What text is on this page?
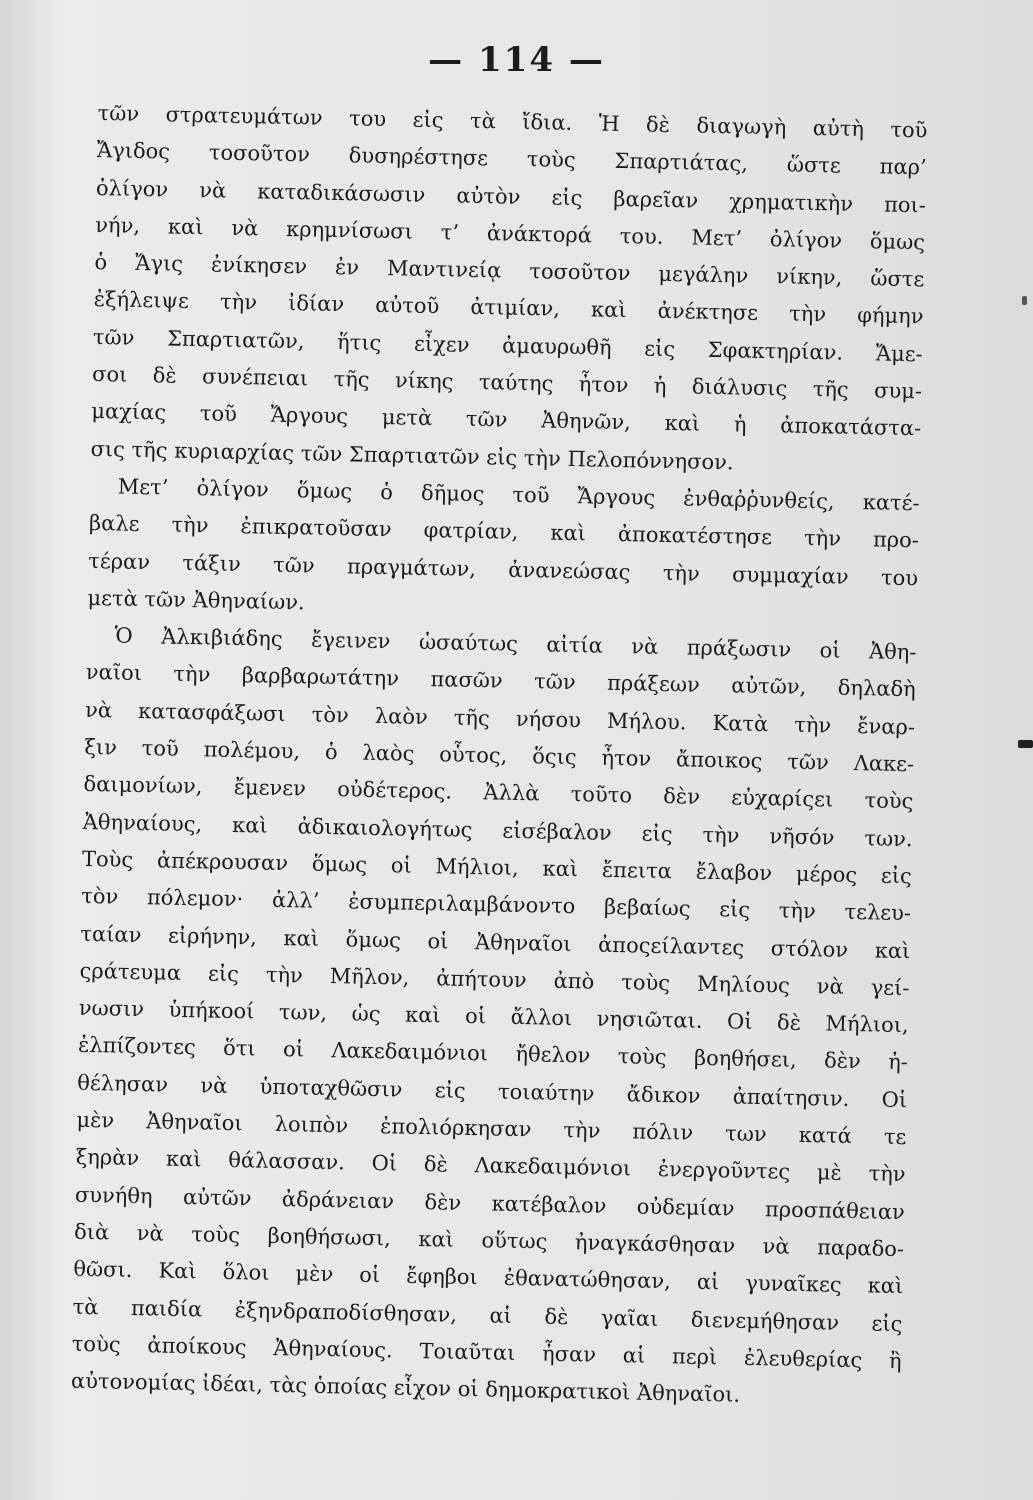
— 114 —
τῶν στρατευμάτων του εἰς τὰ ἴδια. Ἡ δὲ διαγωγὴ αὐτὴ τοῦ
Ἄγιδος τοσοῦτον δυσηρέστησε τοὺς Σπαρτιάτας, ὥστε παρ’
ὀλίγον νὰ καταδικάσωσιν αὐτὸν εἰς βαρεῖαν χρηματικὴν ποι-
νήν, καὶ νὰ κρημνίσωσι τ’ ἀνάκτορά του. Μετ’ ὀλίγον ὅμως
ὁ Ἄγις ἐνίκησεν ἐν Μαντινείᾳ τοσοῦτον μεγάλην νίκην, ὥστε
ἐξήλειψε τὴν ἰδίαν αὐτοῦ ἀτιμίαν, καὶ ἀνέκτησε τὴν φήμην
τῶν Σπαρτιατῶν, ἥτις εἶχεν ἀμαυρωθῆ εἰς Σφακτηρίαν. Ἄμε-
σοι δὲ συνέπειαι τῆς νίκης ταύτης ἦτον ἡ διάλυσις τῆς συμ-
μαχίας τοῦ Ἄργους μετὰ τῶν Ἀθηνῶν, καὶ ἡ ἀποκατάστα-
σις τῆς κυριαρχίας τῶν Σπαρτιατῶν εἰς τὴν Πελοπόννησον.
Μετ’ ὀλίγον ὅμως ὁ δῆμος τοῦ Ἄργους ἐνθαῤῥυνθείς, κατέ-
βαλε τὴν ἐπικρατοῦσαν φατρίαν, καὶ ἀποκατέστησε τὴν προ-
τέραν τάξιν τῶν πραγμάτων, ἀνανεώσας τὴν συμμαχίαν του
μετὰ τῶν Ἀθηναίων.
Ὁ Ἀλκιβιάδης ἔγεινεν ὡσαύτως αἰτία νὰ πράξωσιν οἱ Ἀθη-
ναῖοι τὴν βαρβαρωτάτην πασῶν τῶν πράξεων αὐτῶν, δηλαδὴ
νὰ κατασφάξωσι τὸν λαὸν τῆς νήσου Μήλου. Κατὰ τὴν ἔναρ-
ξιν τοῦ πολέμου, ὁ λαὸς οὗτος, ὅςις ἦτον ἄποικος τῶν Λακε-
δαιμονίων, ἔμενεν οὐδέτερος. Ἀλλὰ τοῦτο δὲν εὐχαρίςει τοὺς
Ἀθηναίους, καὶ ἀδικαιολογήτως εἰσέβαλον εἰς τὴν νῆσόν των.
Τοὺς ἀπέκρουσαν ὅμως οἱ Μήλιοι, καὶ ἔπειτα ἔλαβον μέρος εἰς
τὸν πόλεμον· ἀλλ’ ἐσυμπεριλαμβάνοντο βεβαίως εἰς τὴν τελευ-
ταίαν εἰρήνην, καὶ ὅμως οἱ Ἀθηναῖοι ἀποςείλαντες στόλον καὶ
ςράτευμα εἰς τὴν Μῆλον, ἀπήτουν ἀπὸ τοὺς Μηλίους νὰ γεί-
νωσιν ὑπήκοοί των, ὡς καὶ οἱ ἄλλοι νησιῶται. Οἱ δὲ Μήλιοι,
ἐλπίζοντες ὅτι οἱ Λακεδαιμόνιοι ἤθελον τοὺς βοηθήσει, δὲν ἠ-
θέλησαν νὰ ὑποταχθῶσιν εἰς τοιαύτην ἄδικον ἀπαίτησιν. Οἱ
μὲν Ἀθηναῖοι λοιπὸν ἐπολιόρκησαν τὴν πόλιν των κατά τε
ξηρὰν καὶ θάλασσαν. Οἱ δὲ Λακεδαιμόνιοι ἐνεργοῦντες μὲ τὴν
συνήθη αὐτῶν ἀδράνειαν δὲν κατέβαλον οὐδεμίαν προσπάθειαν
διὰ νὰ τοὺς βοηθήσωσι, καὶ οὕτως ἠναγκάσθησαν νὰ παραδο-
θῶσι. Καὶ ὅλοι μὲν οἱ ἔφηβοι ἐθανατώθησαν, αἱ γυναῖκες καὶ
τὰ παιδία ἐξηνδραποδίσθησαν, αἱ δὲ γαῖαι διενεμήθησαν εἰς
τοὺς ἀποίκους Ἀθηναίους. Τοιαῦται ἦσαν αἱ περὶ ἐλευθερίας ἢ
αὐτονομίας ἰδέαι, τὰς ὁποίας εἶχον οἱ δημοκρατικοὶ Ἀθηναῖοι.
